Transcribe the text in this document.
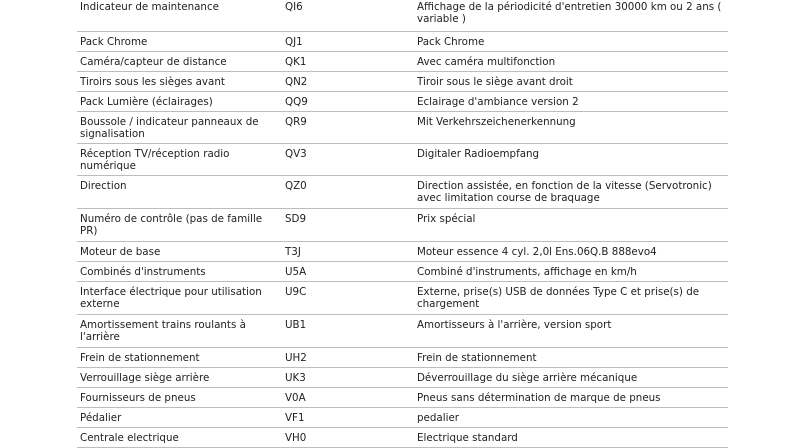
Indicateur de maintenance	QI6	Affichage de la périodicité d'entretien 30000 km ou 2 ans ( variable )
Pack Chrome	QJ1	Pack Chrome
Caméra/capteur de distance	QK1	Avec caméra multifonction
Tiroirs sous les sièges avant	QN2	Tiroir sous le siège avant droit
Pack Lumière (éclairages)	QQ9	Eclairage d'ambiance version 2
Boussole / indicateur panneaux de signalisation	QR9	Mit Verkehrszeichenerkennung
Réception TV/réception radio numérique	QV3	Digitaler Radioempfang
Direction	QZ0	Direction assistée, en fonction de la vitesse (Servotronic) avec limitation course de braquage
Numéro de contrôle (pas de famille PR)	SD9	Prix spécial
Moteur de base	T3J	Moteur essence 4 cyl. 2,0l Ens.06Q.B 888evo4
Combinés d'instruments	U5A	Combiné d'instruments, affichage en km/h
Interface électrique pour utilisation externe	U9C	Externe, prise(s) USB de données Type C et prise(s) de chargement
Amortissement trains roulants à l'arrière	UB1	Amortisseurs à l'arrière, version sport
Frein de stationnement	UH2	Frein de stationnement
Verrouillage siège arrière	UK3	Déverrouillage du siège arrière mécanique
Fournisseurs de pneus	V0A	Pneus sans détermination de marque de pneus
Pédalier	VF1	pedalier
Centrale electrique	VH0	Electrique standard
